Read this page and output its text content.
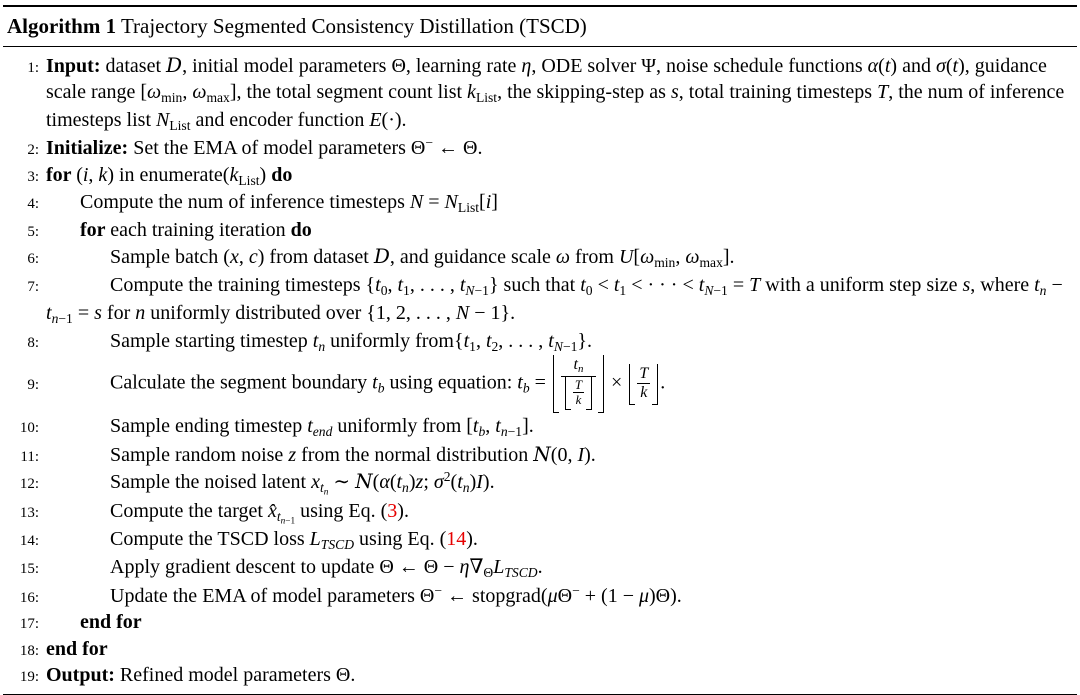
Algorithm 1 Trajectory Segmented Consistency Distillation (TSCD)
1: Input: dataset D, initial model parameters Θ, learning rate η, ODE solver Ψ, noise schedule functions α(t) and σ(t), guidance scale range [$\omega_{min}$, $\omega_{max}$], the total segment count list $k_{List}$, the skipping-step as s, total training timesteps T, the num of inference timesteps list $N_{List}$ and encoder function E(·).
2: Initialize: Set the EMA of model parameters Θ− ← Θ.
3: for (i, k) in $enumerate(k_{List})$ do
4:	Compute the num of inference timesteps $N = N_{List}[i]$
5:	for each training iteration do
6:	Sample batch (x, c) from dataset D, and guidance scale ω from $U[\omega_{min}$, $\omega_{max}$].
7:	Compute the training timesteps {$t_0$, $t_1$, . . . , $t_{N-1}$} such that $t_0 < t_1$ < · · · < $t_{N-1} = T$ with a uniform step size s, where $t_n - t_{n-1} = s$ for n uniformly distributed over {1, 2, . . . , N − 1}.
8:	Sample starting timestep $t_n$ uniformly $from\{t_1$, $t_2$, . . . , $t_{N-1}$}.
9:	Calculate the segment boundary $t_b$ using equation: $t_b = \frac{t_n}{\frac{T}{k}} \times \frac{T}{k}$ .
10:	Sample ending timestep $t_{end}$ uniformly from [$t_b$, $t_{n-1}$].
11:	Sample random noise z from the normal distribution N(0, I).
12:	Sample the noised latent $x_{t_n}$ ∼ $N(\alpha(t_n)z$; $\sigma^2(t_n)I$).
13:	Compute the target $x̂_{t_{n-1}}$ using Eq. (3).
14:	Compute the TSCD loss $L_{TSCD}$ using Eq. (14).
15:	Apply gradient descent to update Θ ← $\Theta - \eta\nabla_\Theta L_{TSCD}$.
16:	Update the EMA of model parameters Θ− ← stopgrad(μΘ− + (1 − μ)Θ).
17:	end for
18: end for
19: Output: Refined model parameters Θ.
